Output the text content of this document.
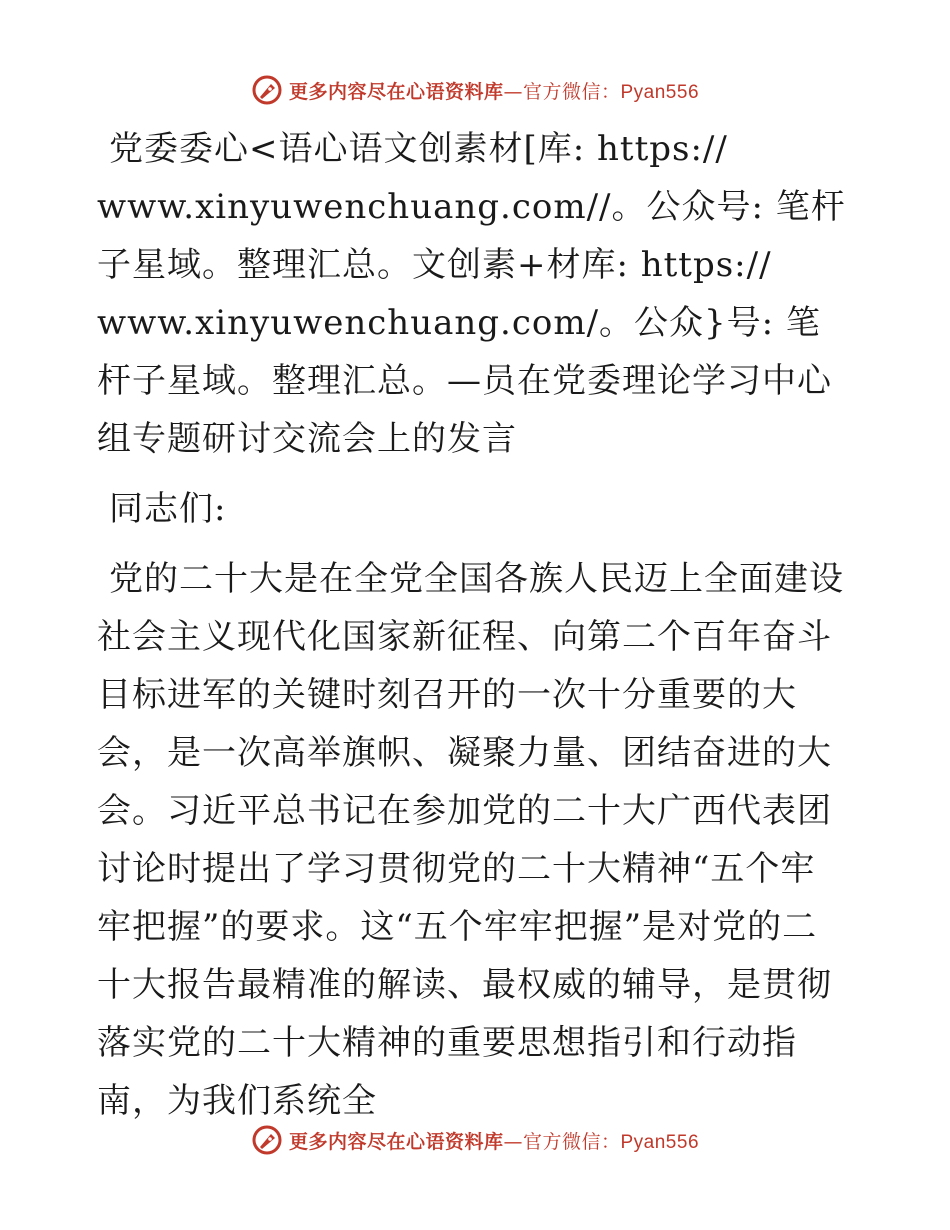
更多内容尽在心语资料库—官方微信：Pyan556

党委委心<语心语文创素材[库: https:// www.xinyuwenchuang.com//。公众号: 笔杆子星域。整理汇总。文创素+材库: https:// www.xinyuwenchuang.com/。公众}号: 笔杆子星域。整理汇总。—员在党委理论学习中心组专题研讨交流会上的发言

同志们:

党的二十大是在全党全国各族人民迈上全面建设社会主义现代化国家新征程、向第二个百年奋斗目标进军的关键时刻召开的一次十分重要的大会，是一次高举旗帜、凝聚力量、团结奋进的大会。习近平总书记在参加党的二十大广西代表团讨论时提出了学习贯彻党的二十大精神“五个牢牢把握”的要求。这“五个牢牢把握”是对党的二十大报告最精准的解读、最权威的辅导，是贯彻落实党的二十大精神的重要思想指引和行动指南，为我们系统全

更多内容尽在心语资料库—官方微信：Pyan556
